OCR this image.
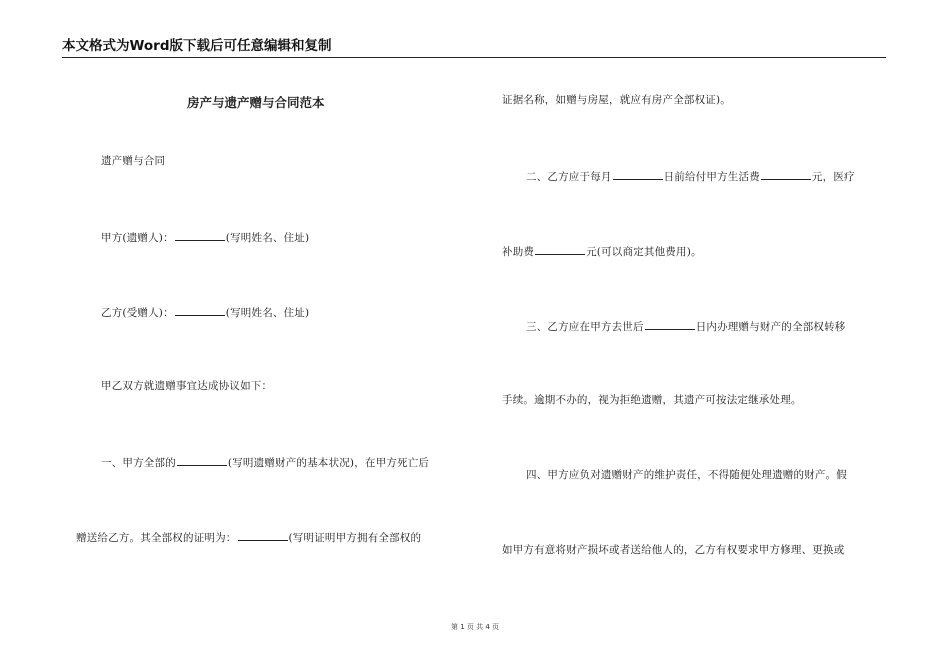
本文格式为Word版下载后可任意编辑和复制
房产与遗产赠与合同范本
遗产赠与合同
甲方(遗赠人)：	(写明姓名、住址)
乙方(受赠人)：	(写明姓名、住址)
甲乙双方就遗赠事宜达成协议如下：
一、甲方全部的	(写明遗赠财产的基本状况)，在甲方死亡后
赠送给乙方。其全部权的证明为：	(写明证明甲方拥有全部权的
证据名称，如赠与房屋，就应有房产全部权证)。
二、乙方应于每月	日前给付甲方生活费	元，医疗
补助费	元(可以商定其他费用)。
三、乙方应在甲方去世后	日内办理赠与财产的全部权转移
手续。逾期不办的，视为拒绝遗赠，其遗产可按法定继承处理。
四、甲方应负对遗赠财产的维护责任，不得随便处理遗赠的财产。假
如甲方有意将财产损坏或者送给他人的，乙方有权要求甲方修理、更换或
第 1 页 共 4 页
